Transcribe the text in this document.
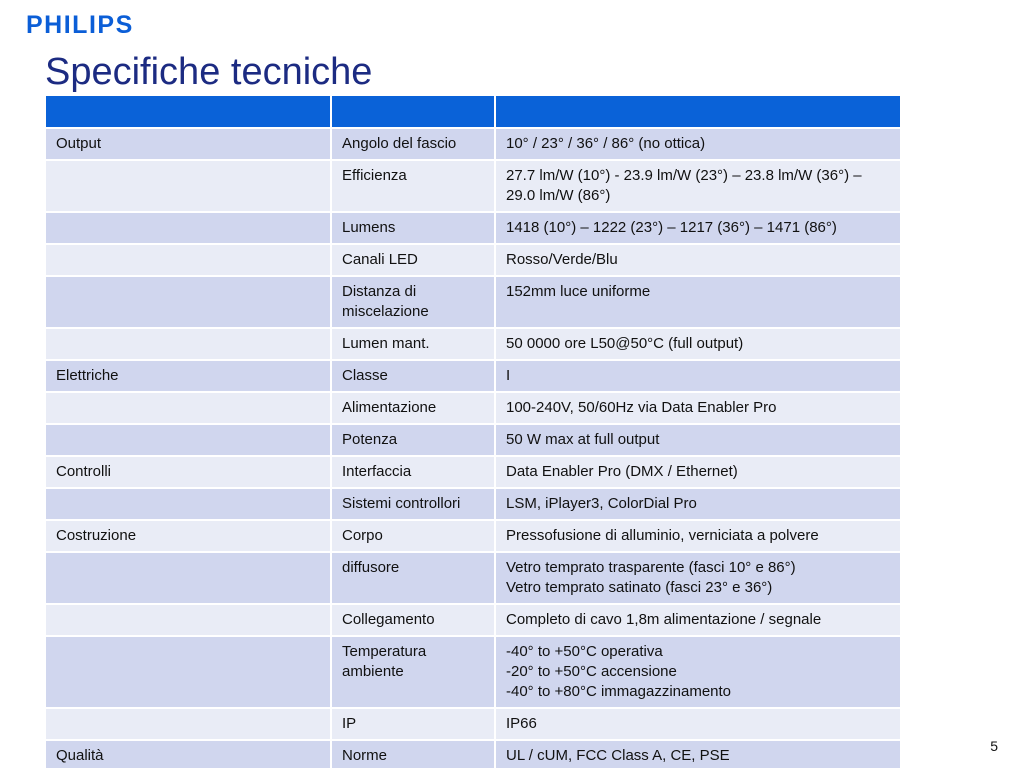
PHILIPS
Specifiche tecniche

Output	Angolo del fascio	10° / 23° / 36° / 86° (no ottica)
	Efficienza	27.7 lm/W (10°) - 23.9 lm/W (23°) – 23.8 lm/W (36°) – 29.0 lm/W (86°)
	Lumens	1418 (10°) – 1222 (23°) – 1217 (36°) – 1471 (86°)
	Canali LED	Rosso/Verde/Blu
	Distanza di miscelazione	152mm luce uniforme
	Lumen mant.	50 0000 ore L50@50°C (full output)
Elettriche	Classe	I
	Alimentazione	100-240V, 50/60Hz via Data Enabler Pro
	Potenza	50 W max at full output
Controlli	Interfaccia	Data Enabler Pro (DMX / Ethernet)
	Sistemi controllori	LSM, iPlayer3, ColorDial Pro
Costruzione	Corpo	Pressofusione di alluminio, verniciata a polvere
	diffusore	Vetro temprato trasparente (fasci 10° e 86°)
Vetro temprato satinato (fasci 23° e 36°)
	Collegamento	Completo di cavo 1,8m alimentazione / segnale
	Temperatura ambiente	-40° to +50°C operativa
-20° to +50°C accensione
-40° to +80°C immagazzinamento
	IP	IP66
Qualità	Norme	UL / cUM, FCC Class A, CE, PSE
5
